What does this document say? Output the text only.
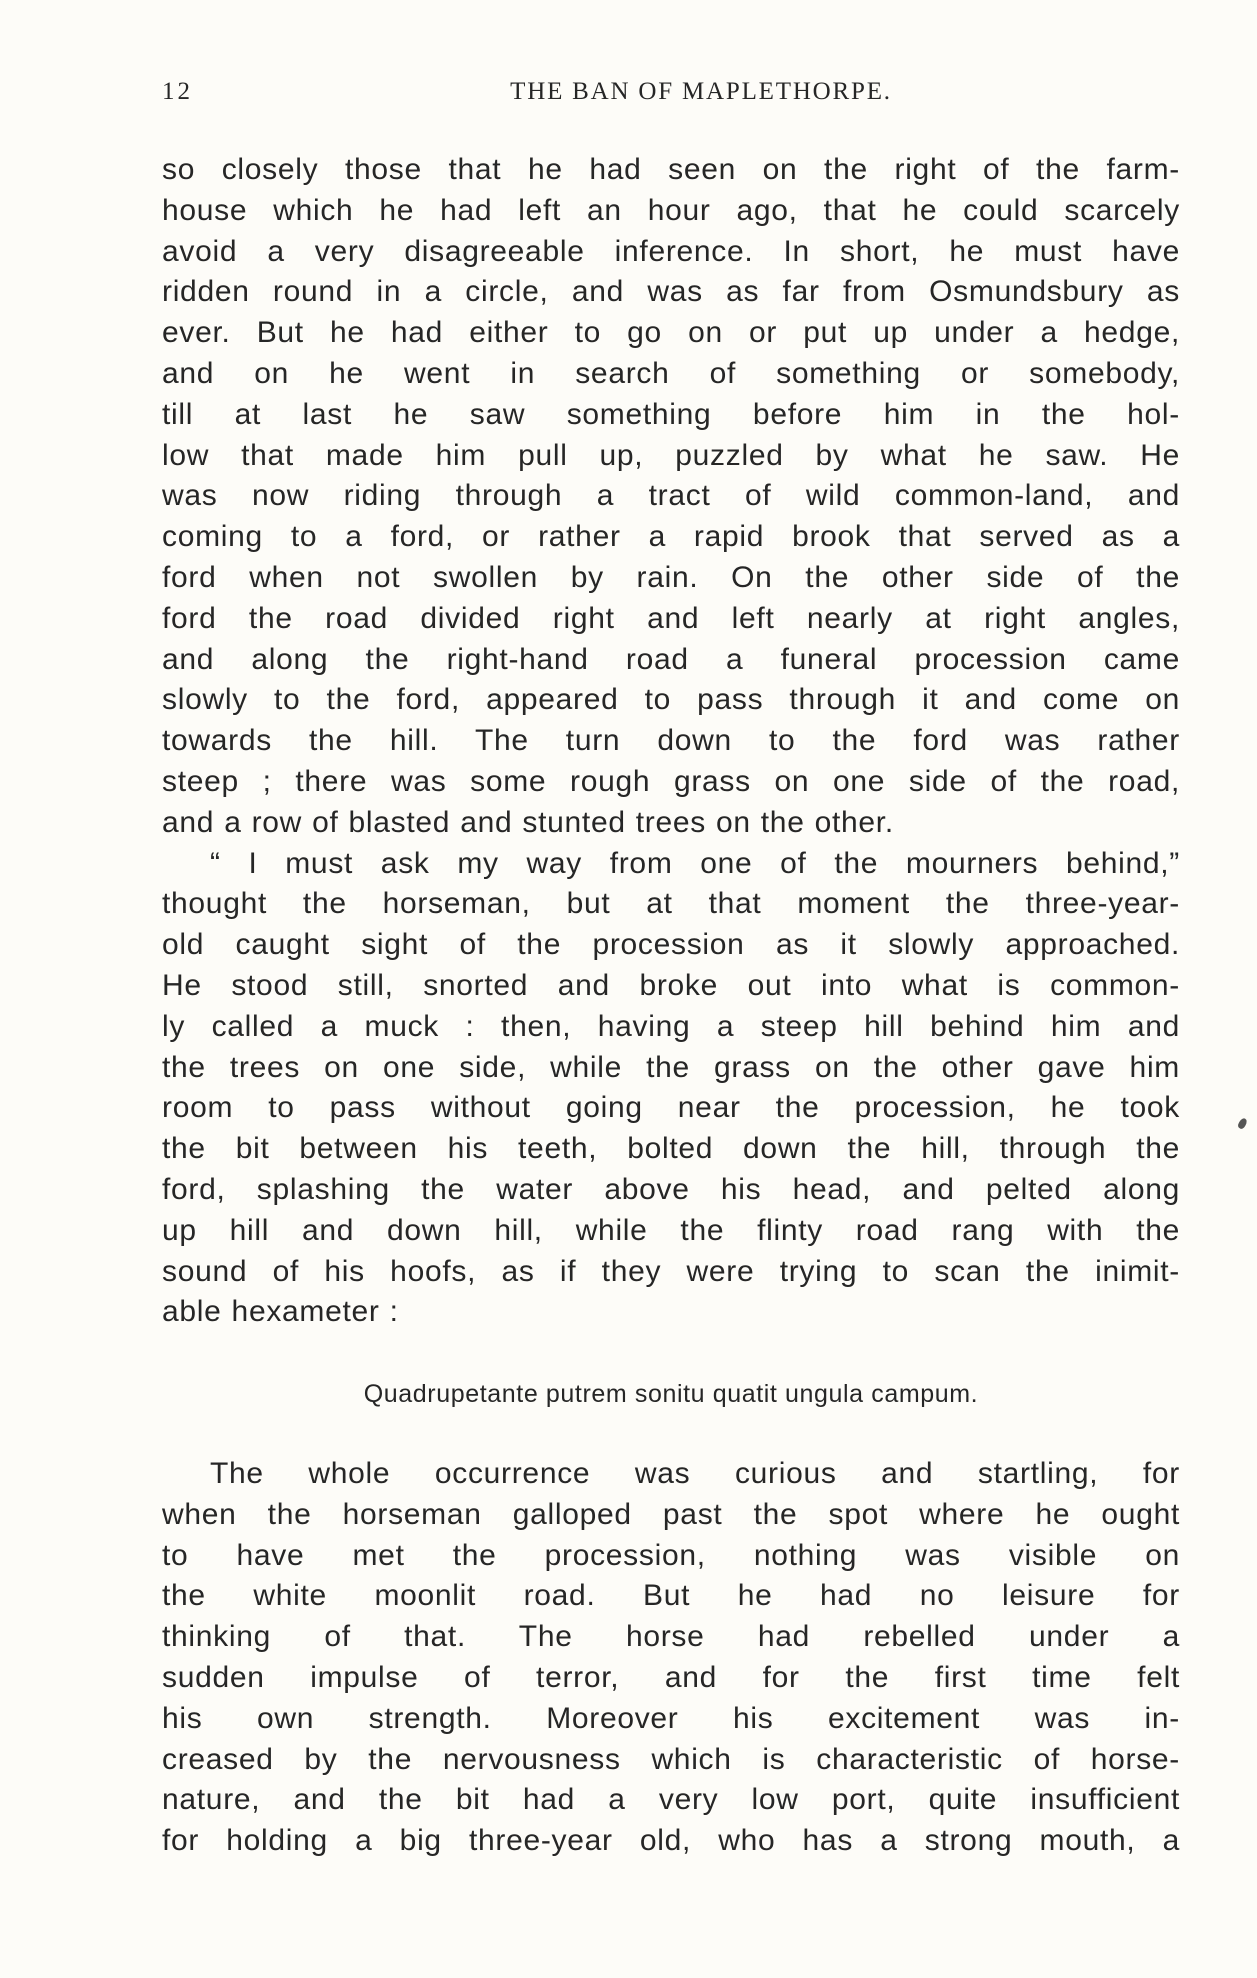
12	THE BAN OF MAPLETHORPE.
so closely those that he had seen on the right of the farm-
house which he had left an hour ago, that he could scarcely
avoid a very disagreeable inference. In short, he must have
ridden round in a circle, and was as far from Osmundsbury as
ever. But he had either to go on or put up under a hedge,
and on he went in search of something or somebody,
till at last he saw something before him in the hol-
low that made him pull up, puzzled by what he saw. He
was now riding through a tract of wild common-land, and
coming to a ford, or rather a rapid brook that served as a
ford when not swollen by rain. On the other side of the
ford the road divided right and left nearly at right angles,
and along the right-hand road a funeral procession came
slowly to the ford, appeared to pass through it and come on
towards the hill. The turn down to the ford was rather
steep ; there was some rough grass on one side of the road,
and a row of blasted and stunted trees on the other.
“ I must ask my way from one of the mourners behind,”
thought the horseman, but at that moment the three-year-
old caught sight of the procession as it slowly approached.
He stood still, snorted and broke out into what is common-
ly called a muck : then, having a steep hill behind him and
the trees on one side, while the grass on the other gave him
room to pass without going near the procession, he took
the bit between his teeth, bolted down the hill, through the
ford, splashing the water above his head, and pelted along
up hill and down hill, while the flinty road rang with the
sound of his hoofs, as if they were trying to scan the inimit-
able hexameter :
Quadrupetante putrem sonitu quatit ungula campum.
The whole occurrence was curious and startling, for
when the horseman galloped past the spot where he ought
to have met the procession, nothing was visible on
the white moonlit road. But he had no leisure for
thinking of that. The horse had rebelled under a
sudden impulse of terror, and for the first time felt
his own strength. Moreover his excitement was in-
creased by the nervousness which is characteristic of horse-
nature, and the bit had a very low port, quite insufficient
for holding a big three-year old, who has a strong mouth, a
